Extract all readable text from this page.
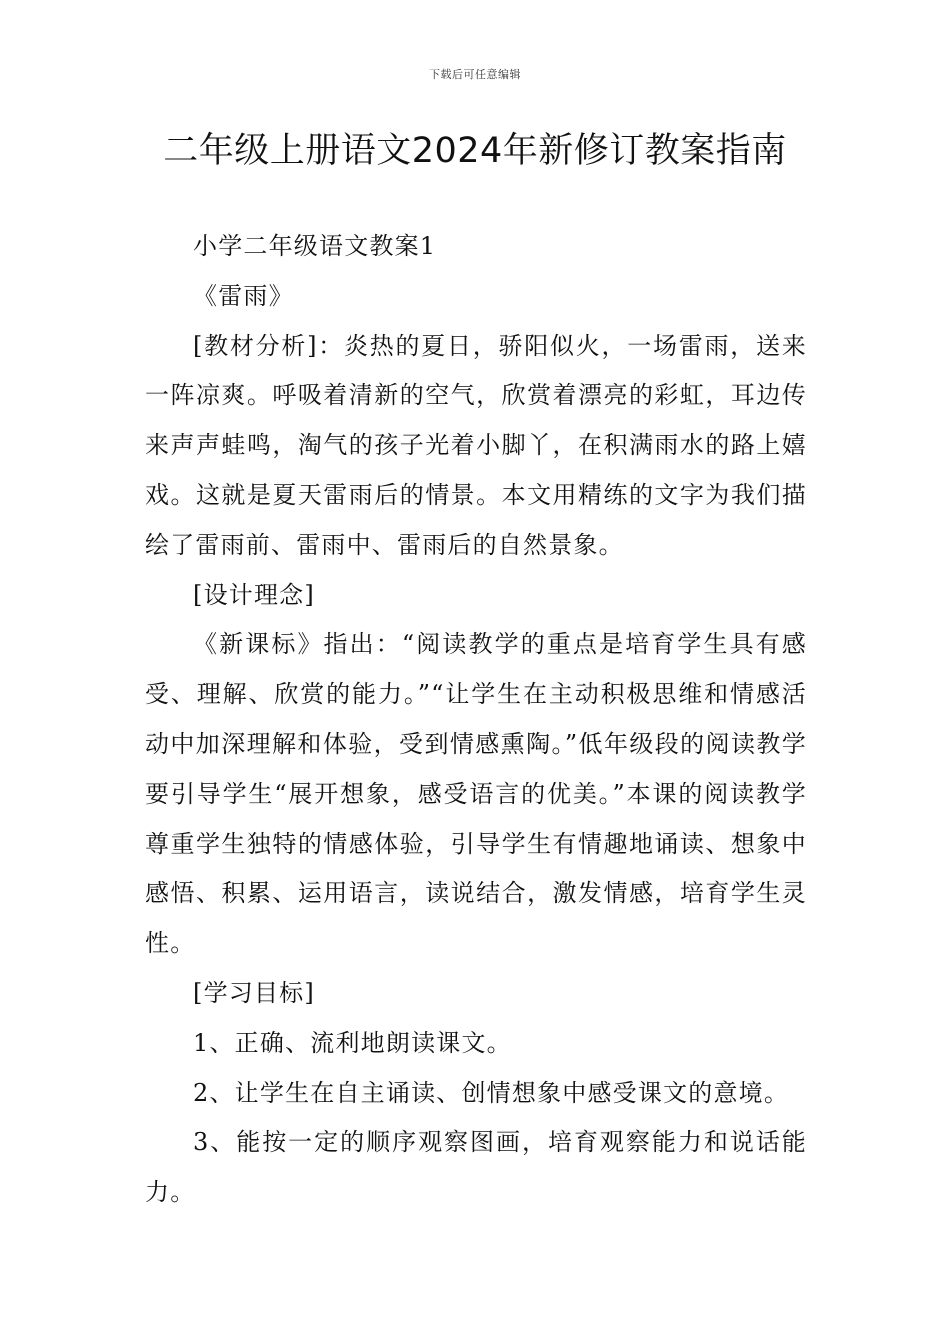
下载后可任意编辑
二年级上册语文2024年新修订教案指南

小学二年级语文教案1

《雷雨》

[教材分析]：炎热的夏日，骄阳似火，一场雷雨，送来一阵凉爽。呼吸着清新的空气，欣赏着漂亮的彩虹，耳边传来声声蛙鸣，淘气的孩子光着小脚丫，在积满雨水的路上嬉戏。这就是夏天雷雨后的情景。本文用精练的文字为我们描绘了雷雨前、雷雨中、雷雨后的自然景象。

[设计理念]

《新课标》指出：“阅读教学的重点是培育学生具有感受、理解、欣赏的能力。”“让学生在主动积极思维和情感活动中加深理解和体验，受到情感熏陶。”低年级段的阅读教学要引导学生“展开想象，感受语言的优美。”本课的阅读教学尊重学生独特的情感体验，引导学生有情趣地诵读、想象中感悟、积累、运用语言，读说结合，激发情感，培育学生灵性。

[学习目标]

1、正确、流利地朗读课文。

2、让学生在自主诵读、创情想象中感受课文的意境。

3、能按一定的顺序观察图画，培育观察能力和说话能力。
